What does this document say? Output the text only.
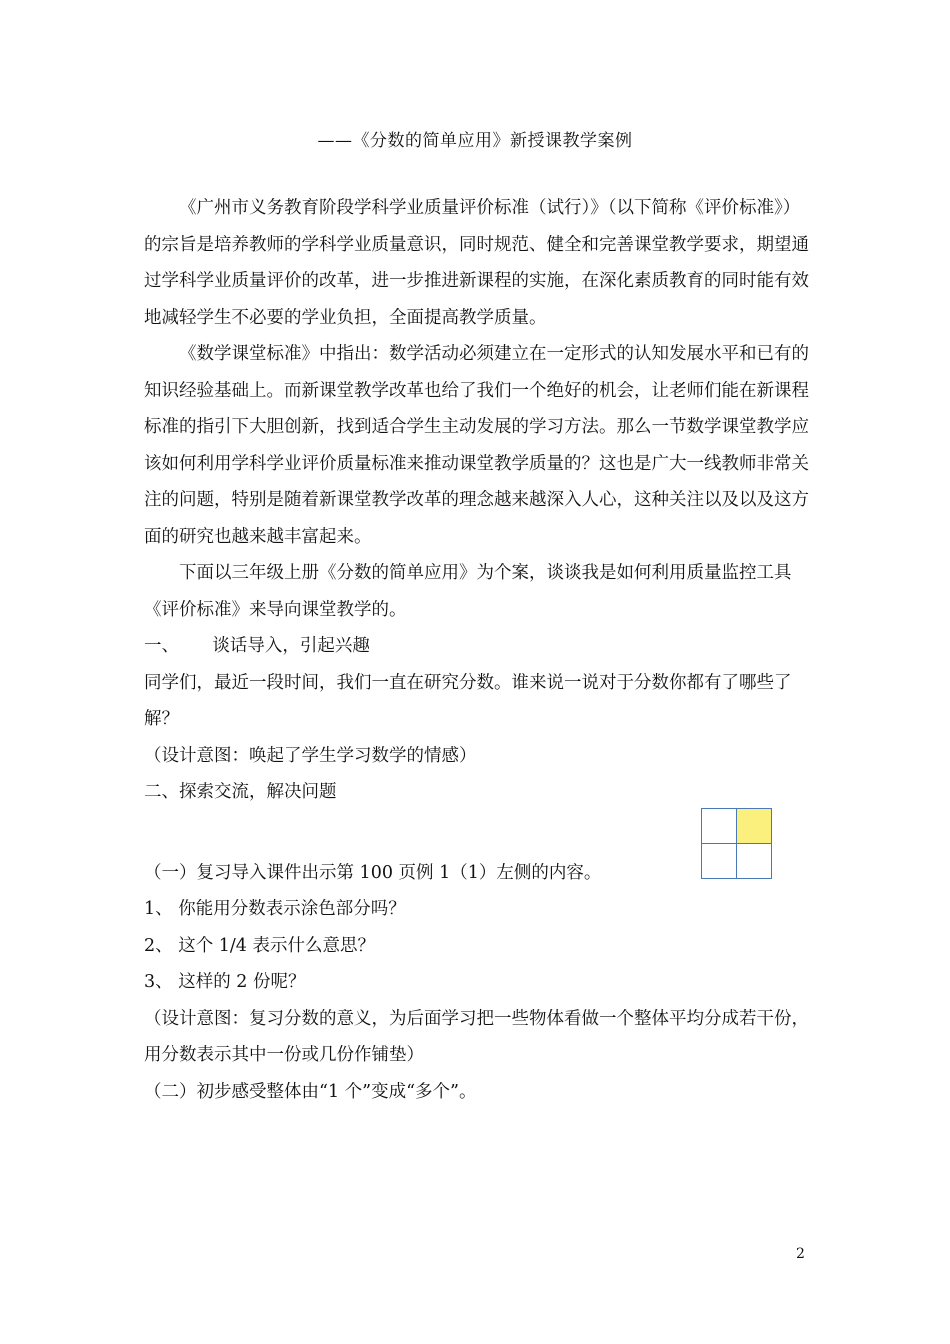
——《分数的简单应用》新授课教学案例

《广州市义务教育阶段学科学业质量评价标准（试行）》（以下简称《评价标准》）的宗旨是培养教师的学科学业质量意识，同时规范、健全和完善课堂教学要求，期望通过学科学业质量评价的改革，进一步推进新课程的实施，在深化素质教育的同时能有效地减轻学生不必要的学业负担，全面提高教学质量。

《数学课堂标准》中指出：数学活动必须建立在一定形式的认知发展水平和已有的知识经验基础上。而新课堂教学改革也给了我们一个绝好的机会，让老师们能在新课程标准的指引下大胆创新，找到适合学生主动发展的学习方法。那么一节数学课堂教学应该如何利用学科学业评价质量标准来推动课堂教学质量的？这也是广大一线教师非常关注的问题，特别是随着新课堂教学改革的理念越来越深入人心，这种关注以及以及这方面的研究也越来越丰富起来。

下面以三年级上册《分数的简单应用》为个案，谈谈我是如何利用质量监控工具《评价标准》来导向课堂教学的。

一、      谈话导入，引起兴趣

同学们，最近一段时间，我们一直在研究分数。谁来说一说对于分数你都有了哪些了解？

（设计意图：唤起了学生学习数学的情感）

二、探索交流，解决问题

（一）复习导入课件出示第 100 页例 1（1）左侧的内容。

1、 你能用分数表示涂色部分吗？

2、 这个 1/4 表示什么意思？

3、 这样的 2 份呢？

（设计意图：复习分数的意义，为后面学习把一些物体看做一个整体平均分成若干份，用分数表示其中一份或几份作铺垫）

（二）初步感受整体由“1 个”变成“多个”。

2
